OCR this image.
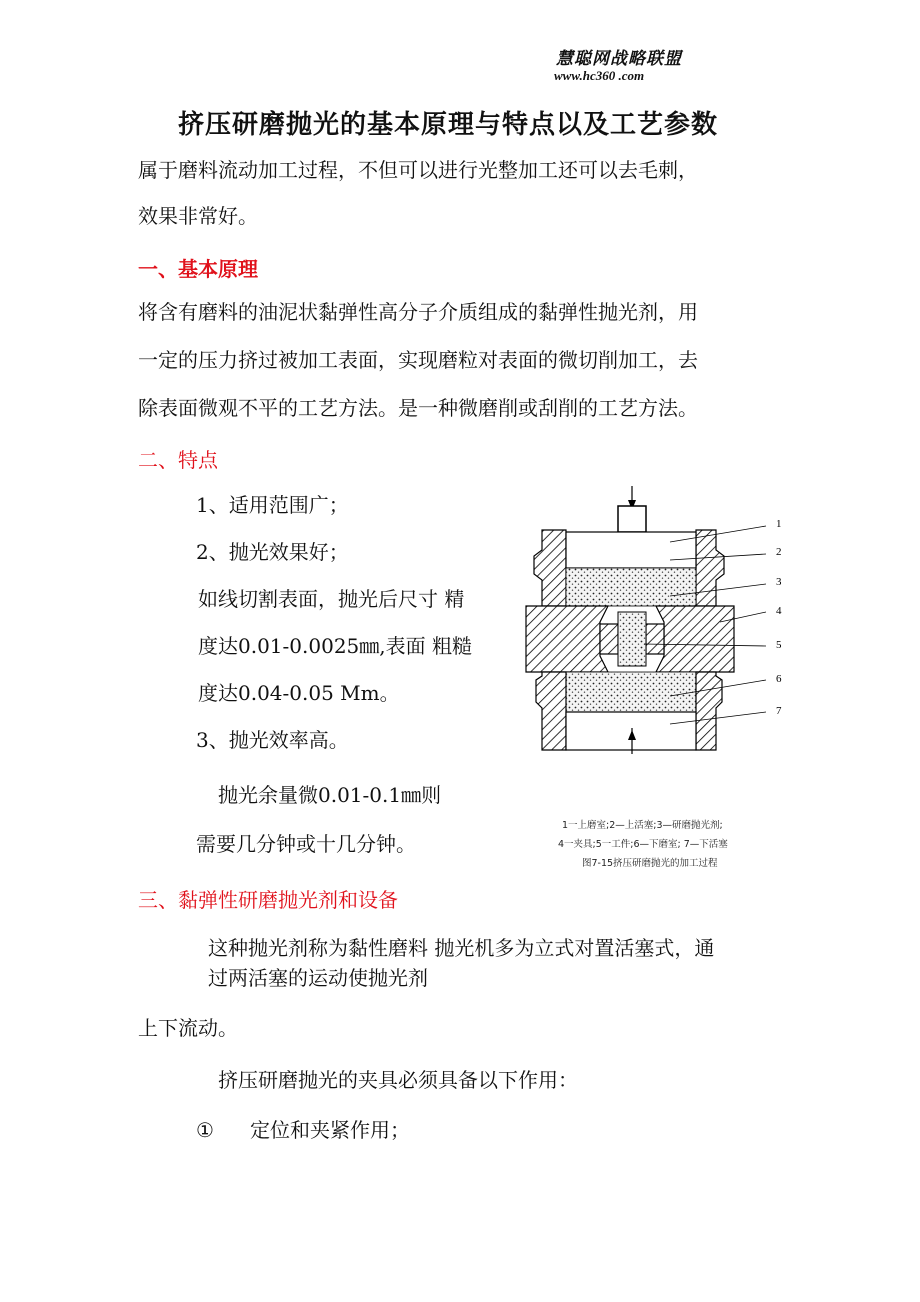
慧聪网战略联盟
www.hc360 .com
挤压研磨抛光的基本原理与特点以及工艺参数
属于磨料流动加工过程，不但可以进行光整加工还可以去毛刺，
效果非常好。
一、基本原理
将含有磨料的油泥状黏弹性高分子介质组成的黏弹性抛光剂，用
一定的压力挤过被加工表面，实现磨粒对表面的微切削加工，去
除表面微观不平的工艺方法。是一种微磨削或刮削的工艺方法。
二、特点
1、适用范围广；
2、抛光效果好；
如线切割表面，抛光后尺寸 精
度达0.01-0.0025㎜,表面 粗糙
度达0.04-0.05 Mm。
3、抛光效率高。
抛光余量微0.01-0.1㎜则
需要几分钟或十几分钟。
1
2
3
4
5
6
7
1一上磨室;2—上活塞;3—研磨抛光剂;
4一夹具;5一工件;6—下磨室; 7—下活塞
图7-15挤压研磨抛光的加工过程
三、黏弹性研磨抛光剂和设备
这种抛光剂称为黏性磨料 抛光机多为立式对置活塞式，通
过两活塞的运动使抛光剂
上下流动。
挤压研磨抛光的夹具必须具备以下作用：
① 定位和夹紧作用；
